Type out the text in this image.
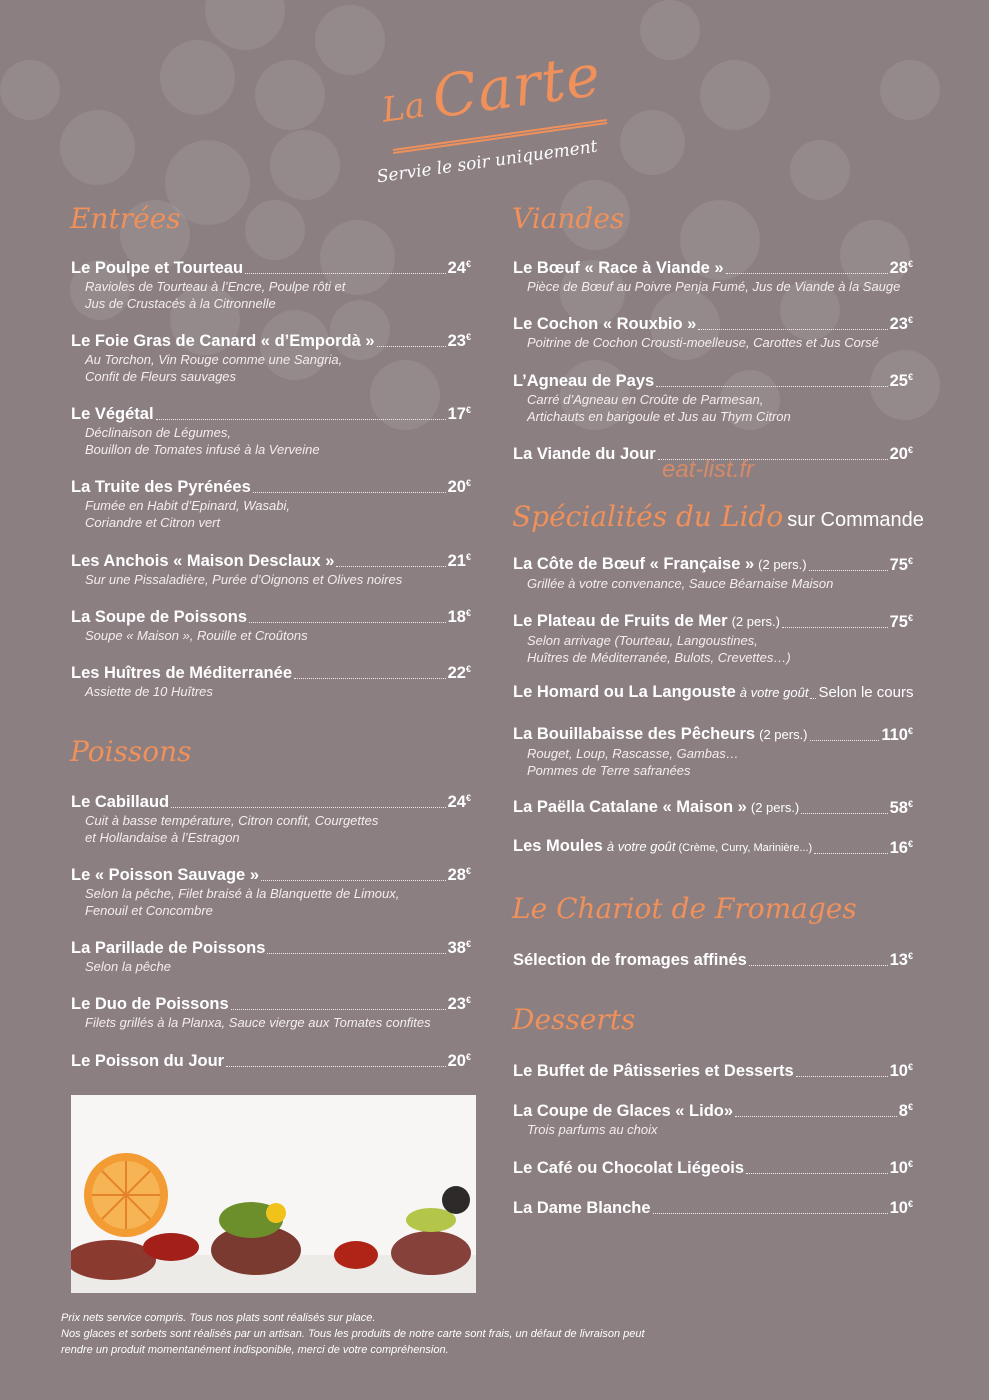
La Carte
Servie le soir uniquement
eat-list.fr
Entrées
Le Poulpe et Tourteau	24€
Ravioles de Tourteau à l’Encre, Poulpe rôti et
Jus de Crustacés à la Citronnelle
Le Foie Gras de Canard « d’Empordà »	23€
Au Torchon, Vin Rouge comme une Sangria,
Confit de Fleurs sauvages
Le Végétal	17€
Déclinaison de Légumes,
Bouillon de Tomates infusé à la Verveine
La Truite des Pyrénées	20€
Fumée en Habit d’Epinard, Wasabi,
Coriandre et Citron vert
Les Anchois « Maison Desclaux »	21€
Sur une Pissaladière, Purée d’Oignons et Olives noires
La Soupe de Poissons	18€
Soupe « Maison », Rouille et Croûtons
Les Huîtres de Méditerranée	22€
Assiette de 10 Huîtres
Poissons
Le Cabillaud	24€
Cuit à basse température, Citron confit, Courgettes
et Hollandaise à l’Estragon
Le « Poisson Sauvage »	28€
Selon la pêche, Filet braisé à la Blanquette de Limoux,
Fenouil et Concombre
La Parillade de Poissons	38€
Selon la pêche
Le Duo de Poissons	23€
Filets grillés à la Planxa, Sauce vierge aux Tomates confites
Le Poisson du Jour	20€
Viandes
Le Bœuf « Race à Viande »	28€
Pièce de Bœuf au Poivre Penja Fumé, Jus de Viande à la Sauge
Le Cochon « Rouxbio »	23€
Poitrine de Cochon Crousti-moelleuse, Carottes et Jus Corsé
L’Agneau de Pays	25€
Carré d’Agneau en Croûte de Parmesan,
Artichauts en barigoule et Jus au Thym Citron
La Viande du Jour	20€
Spécialités du Lido sur Commande
La Côte de Bœuf « Française » (2 pers.)	75€
Grillée à votre convenance, Sauce Béarnaise Maison
Le Plateau de Fruits de Mer (2 pers.)	75€
Selon arrivage (Tourteau, Langoustines,
Huîtres de Méditerranée, Bulots, Crevettes…)
Le Homard ou La Langouste à votre goût Selon le cours
La Bouillabaisse des Pêcheurs (2 pers.)	110€
Rouget, Loup, Rascasse, Gambas…
Pommes de Terre safranées
La Paëlla Catalane « Maison » (2 pers.)	58€
Les Moules à votre goût (Crème, Curry, Marinière...)	16€
Le Chariot de Fromages
Sélection de fromages affinés	13€
Desserts
Le Buffet de Pâtisseries et Desserts	10€
La Coupe de Glaces « Lido»	8€
Trois parfums au choix
Le Café ou Chocolat Liégeois	10€
La Dame Blanche	10€
Prix nets service compris. Tous nos plats sont réalisés sur place.
Nos glaces et sorbets sont réalisés par un artisan. Tous les produits de notre carte sont frais, un défaut de livraison peut
rendre un produit momentanément indisponible, merci de votre compréhension.
